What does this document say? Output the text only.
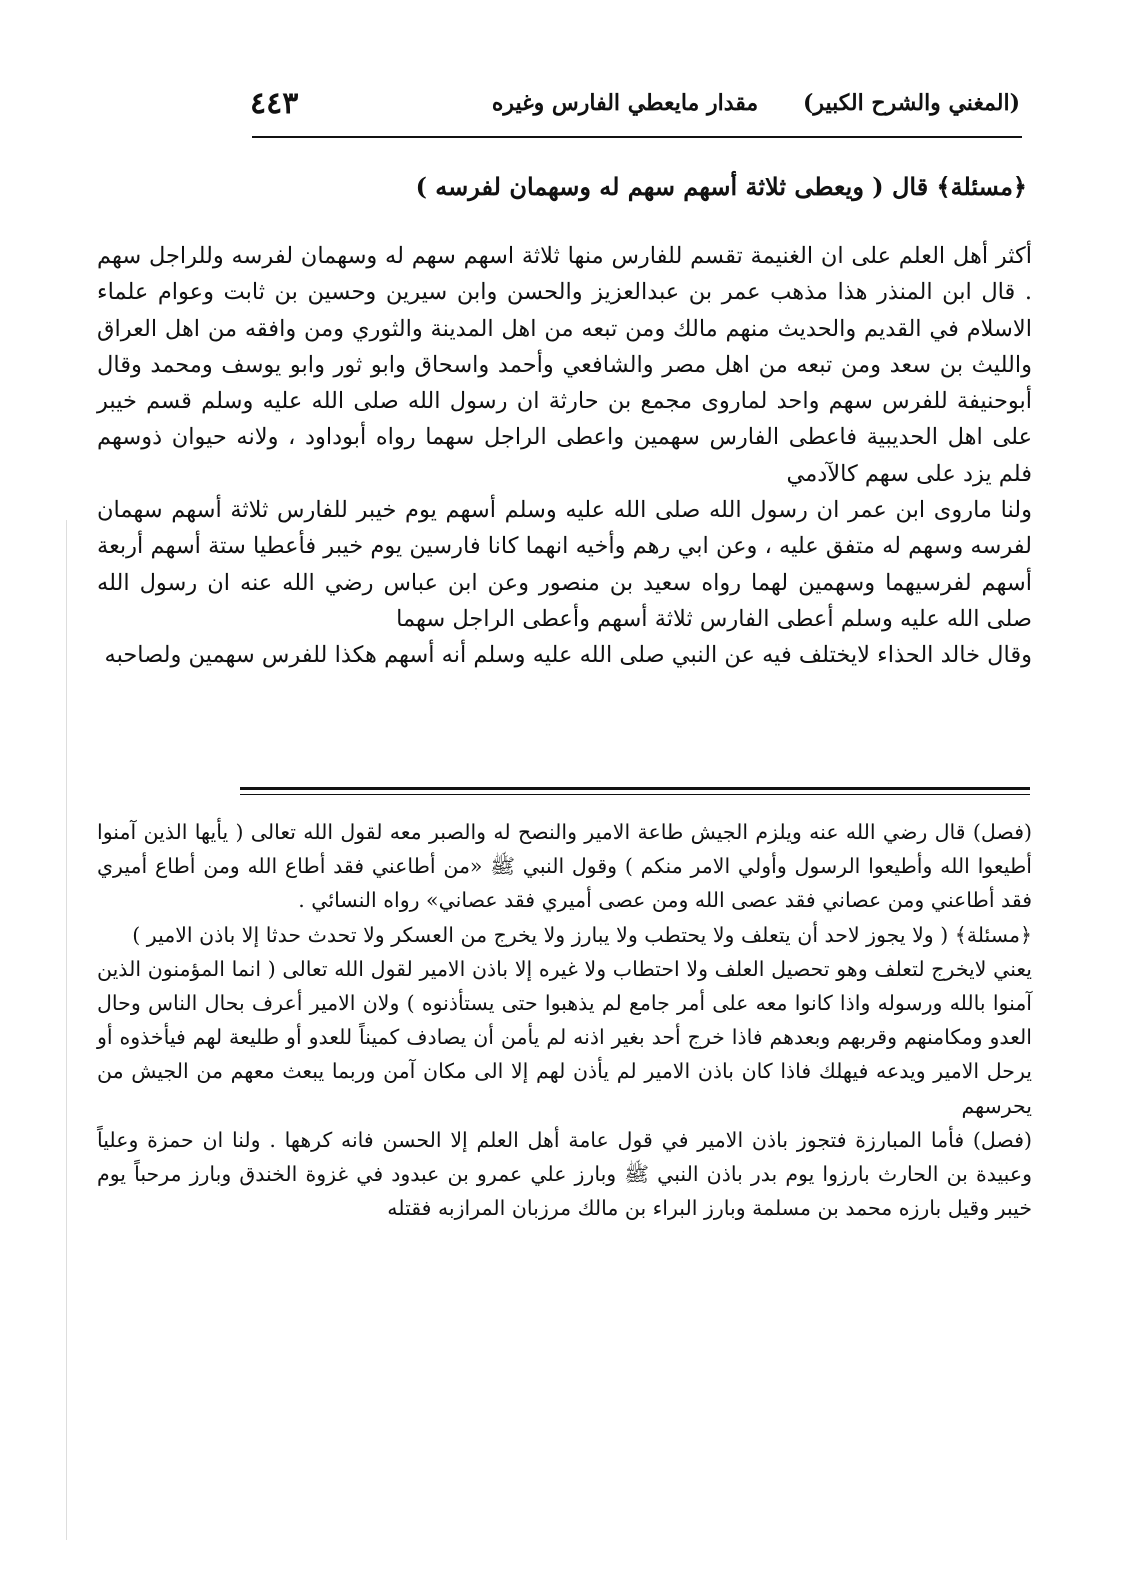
٤٤٣	مقدار مايعطي الفارس وغيره	(المغني والشرح الكبير)
﴿مسئلة﴾ قال ( ويعطى ثلاثة أسهم سهم له وسهمان لفرسه )

أكثر أهل العلم على ان الغنيمة تقسم للفارس منها ثلاثة اسهم سهم له وسهمان لفرسه وللراجل سهم . قال ابن المنذر هذا مذهب عمر بن عبدالعزيز والحسن وابن سيرين وحسين بن ثابت وعوام علماء الاسلام في القديم والحديث منهم مالك ومن تبعه من اهل المدينة والثوري ومن وافقه من اهل العراق والليث بن سعد ومن تبعه من اهل مصر والشافعي وأحمد واسحاق وابو ثور وابو يوسف ومحمد وقال أبوحنيفة للفرس سهم واحد لماروى مجمع بن حارثة ان رسول الله صلى الله عليه وسلم قسم خيبر على اهل الحديبية فاعطى الفارس سهمين واعطى الراجل سهما رواه أبوداود ، ولانه حيوان ذوسهم فلم يزد على سهم كالآدمي

ولنا ماروى ابن عمر ان رسول الله صلى الله عليه وسلم أسهم يوم خيبر للفارس ثلاثة أسهم سهمان لفرسه وسهم له متفق عليه ، وعن ابي رهم وأخيه انهما كانا فارسين يوم خيبر فأعطيا ستة أسهم أربعة أسهم لفرسيهما وسهمين لهما رواه سعيد بن منصور وعن ابن عباس رضي الله عنه ان رسول الله صلى الله عليه وسلم أعطى الفارس ثلاثة أسهم وأعطى الراجل سهما

وقال خالد الحذاء لايختلف فيه عن النبي صلى الله عليه وسلم أنه أسهم هكذا للفرس سهمين ولصاحبه

(فصل) قال رضي الله عنه ويلزم الجيش طاعة الامير والنصح له والصبر معه لقول الله تعالى ( يأيها الذين آمنوا أطيعوا الله وأطيعوا الرسول وأولي الامر منكم ) وقول النبي ﷺ «من أطاعني فقد أطاع الله ومن أطاع أميري فقد أطاعني ومن عصاني فقد عصى الله ومن عصى أميري فقد عصاني» رواه النسائي .

﴿مسئلة﴾ ( ولا يجوز لاحد أن يتعلف ولا يحتطب ولا يبارز ولا يخرج من العسكر ولا تحدث حدثا إلا باذن الامير )

يعني لايخرج لتعلف وهو تحصيل العلف ولا احتطاب ولا غيره إلا باذن الامير لقول الله تعالى ( انما المؤمنون الذين آمنوا بالله ورسوله واذا كانوا معه على أمر جامع لم يذهبوا حتى يستأذنوه ) ولان الامير أعرف بحال الناس وحال العدو ومكامنهم وقربهم وبعدهم فاذا خرج أحد بغير اذنه لم يأمن أن يصادف كميناً للعدو أو طليعة لهم فيأخذوه أو يرحل الامير ويدعه فيهلك فاذا كان باذن الامير لم يأذن لهم إلا الى مكان آمن وربما يبعث معهم من الجيش من يحرسهم

(فصل) فأما المبارزة فتجوز باذن الامير في قول عامة أهل العلم إلا الحسن فانه كرهها . ولنا ان حمزة وعلياً وعبيدة بن الحارث بارزوا يوم بدر باذن النبي ﷺ وبارز علي عمرو بن عبدود في غزوة الخندق وبارز مرحباً يوم خيبر وقيل بارزه محمد بن مسلمة وبارز البراء بن مالك مرزبان المرازبه فقتله
